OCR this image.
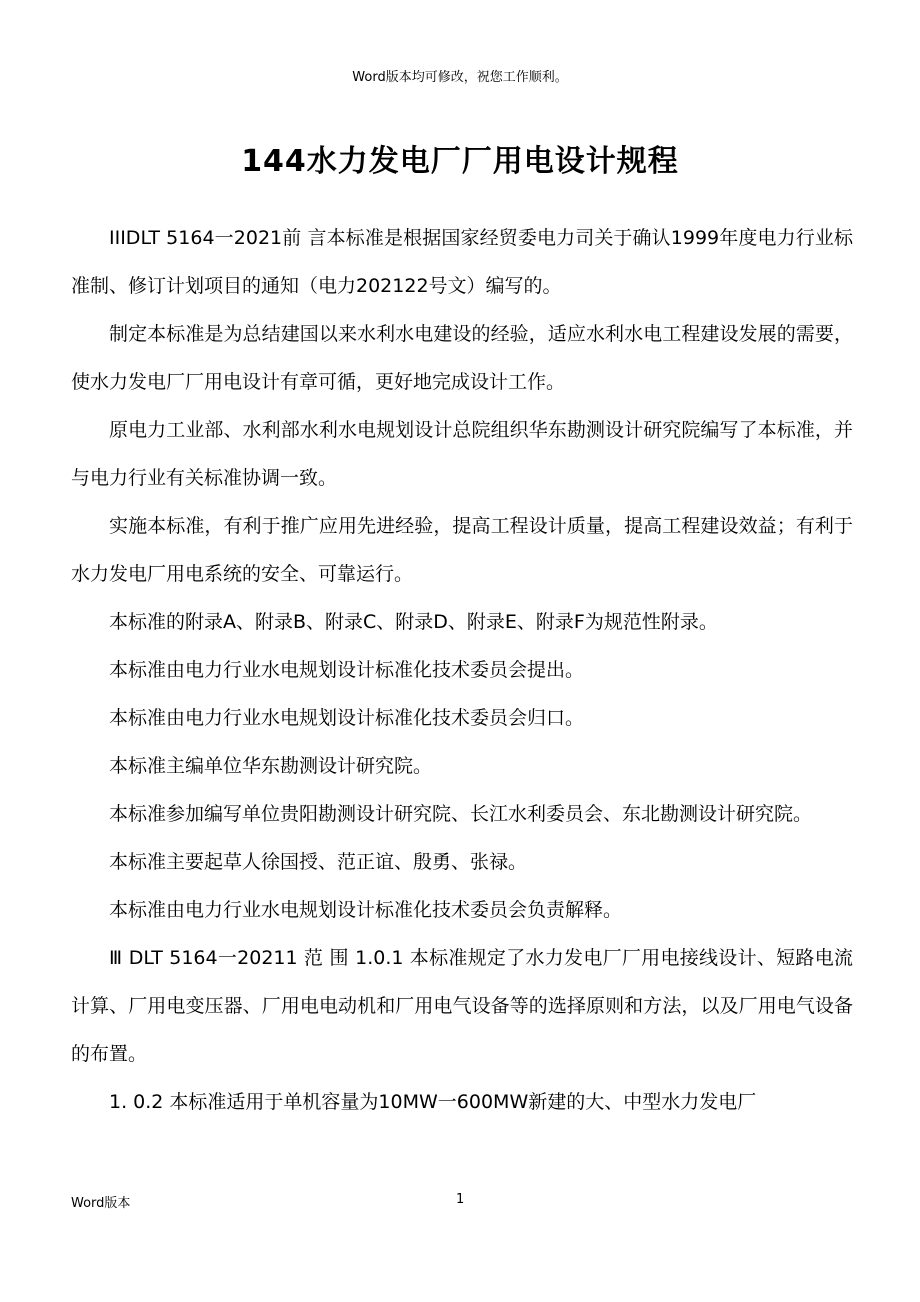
Word版本均可修改，祝您工作顺利。
144水力发电厂厂用电设计规程

IIIDLT 5164一2021前 言本标准是根据国家经贸委电力司关于确认1999年度电力行业标准制、修订计划项目的通知（电力202122号文）编写的。

制定本标准是为总结建国以来水利水电建设的经验，适应水利水电工程建设发展的需要，使水力发电厂厂用电设计有章可循，更好地完成设计工作。

原电力工业部、水利部水利水电规划设计总院组织华东勘测设计研究院编写了本标准，并与电力行业有关标准协调一致。

实施本标准，有利于推广应用先进经验，提高工程设计质量，提高工程建设效益；有利于水力发电厂用电系统的安全、可靠运行。

本标准的附录A、附录B、附录C、附录D、附录E、附录F为规范性附录。

本标准由电力行业水电规划设计标准化技术委员会提出。

本标准由电力行业水电规划设计标准化技术委员会归口。

本标准主编单位华东勘测设计研究院。

本标准参加编写单位贵阳勘测设计研究院、长江水利委员会、东北勘测设计研究院。

本标准主要起草人徐国授、范正谊、殷勇、张禄。

本标准由电力行业水电规划设计标准化技术委员会负责解释。

Ⅲ DLT 5164一20211 范 围 1.0.1 本标准规定了水力发电厂厂用电接线设计、短路电流计算、厂用电变压器、厂用电电动机和厂用电气设备等的选择原则和方法，以及厂用电气设备的布置。

1. 0.2 本标准适用于单机容量为10MW一600MW新建的大、中型水力发电厂

Word版本	1
